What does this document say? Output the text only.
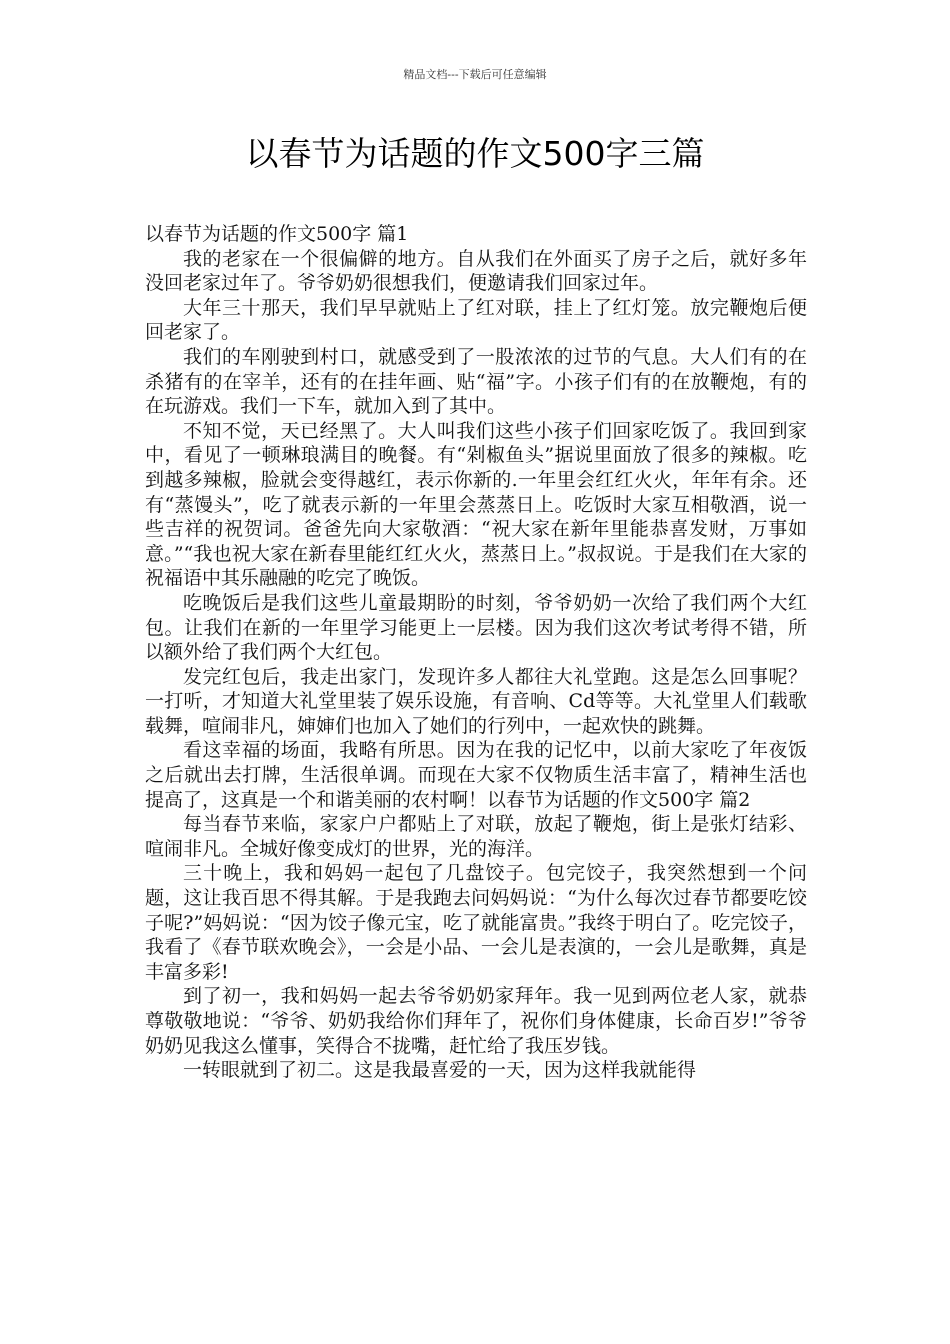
精品文档---下载后可任意编辑
以春节为话题的作文500字三篇

以春节为话题的作文500字 篇1

我的老家在一个很偏僻的地方。自从我们在外面买了房子之后，就好多年没回老家过年了。爷爷奶奶很想我们，便邀请我们回家过年。

大年三十那天，我们早早就贴上了红对联，挂上了红灯笼。放完鞭炮后便回老家了。

我们的车刚驶到村口，就感受到了一股浓浓的过节的气息。大人们有的在杀猪有的在宰羊，还有的在挂年画、贴“福”字。小孩子们有的在放鞭炮，有的在玩游戏。我们一下车，就加入到了其中。

不知不觉，天已经黑了。大人叫我们这些小孩子们回家吃饭了。我回到家中，看见了一顿琳琅满目的晚餐。有“剁椒鱼头”据说里面放了很多的辣椒。吃到越多辣椒，脸就会变得越红，表示你新的.一年里会红红火火，年年有余。还有“蒸馒头”，吃了就表示新的一年里会蒸蒸日上。吃饭时大家互相敬酒，说一些吉祥的祝贺词。爸爸先向大家敬酒：“祝大家在新年里能恭喜发财，万事如意。”“我也祝大家在新春里能红红火火，蒸蒸日上。”叔叔说。于是我们在大家的祝福语中其乐融融的吃完了晚饭。

吃晚饭后是我们这些儿童最期盼的时刻，爷爷奶奶一次给了我们两个大红包。让我们在新的一年里学习能更上一层楼。因为我们这次考试考得不错，所以额外给了我们两个大红包。

发完红包后，我走出家门，发现许多人都往大礼堂跑。这是怎么回事呢？一打听，才知道大礼堂里装了娱乐设施，有音响、Cd等等。大礼堂里人们载歌载舞，喧闹非凡，婶婶们也加入了她们的行列中，一起欢快的跳舞。

看这幸福的场面，我略有所思。因为在我的记忆中，以前大家吃了年夜饭之后就出去打牌，生活很单调。而现在大家不仅物质生活丰富了，精神生活也提高了，这真是一个和谐美丽的农村啊！以春节为话题的作文500字 篇2

每当春节来临，家家户户都贴上了对联，放起了鞭炮，街上是张灯结彩、喧闹非凡。全城好像变成灯的世界，光的海洋。

三十晚上，我和妈妈一起包了几盘饺子。包完饺子，我突然想到一个问题，这让我百思不得其解。于是我跑去问妈妈说：“为什么每次过春节都要吃饺子呢?”妈妈说：“因为饺子像元宝，吃了就能富贵。”我终于明白了。吃完饺子，我看了《春节联欢晚会》，一会是小品、一会儿是表演的，一会儿是歌舞，真是丰富多彩!

到了初一，我和妈妈一起去爷爷奶奶家拜年。我一见到两位老人家，就恭尊敬敬地说：“爷爷、奶奶我给你们拜年了，祝你们身体健康，长命百岁!”爷爷奶奶见我这么懂事，笑得合不拢嘴，赶忙给了我压岁钱。

一转眼就到了初二。这是我最喜爱的一天，因为这样我就能得
